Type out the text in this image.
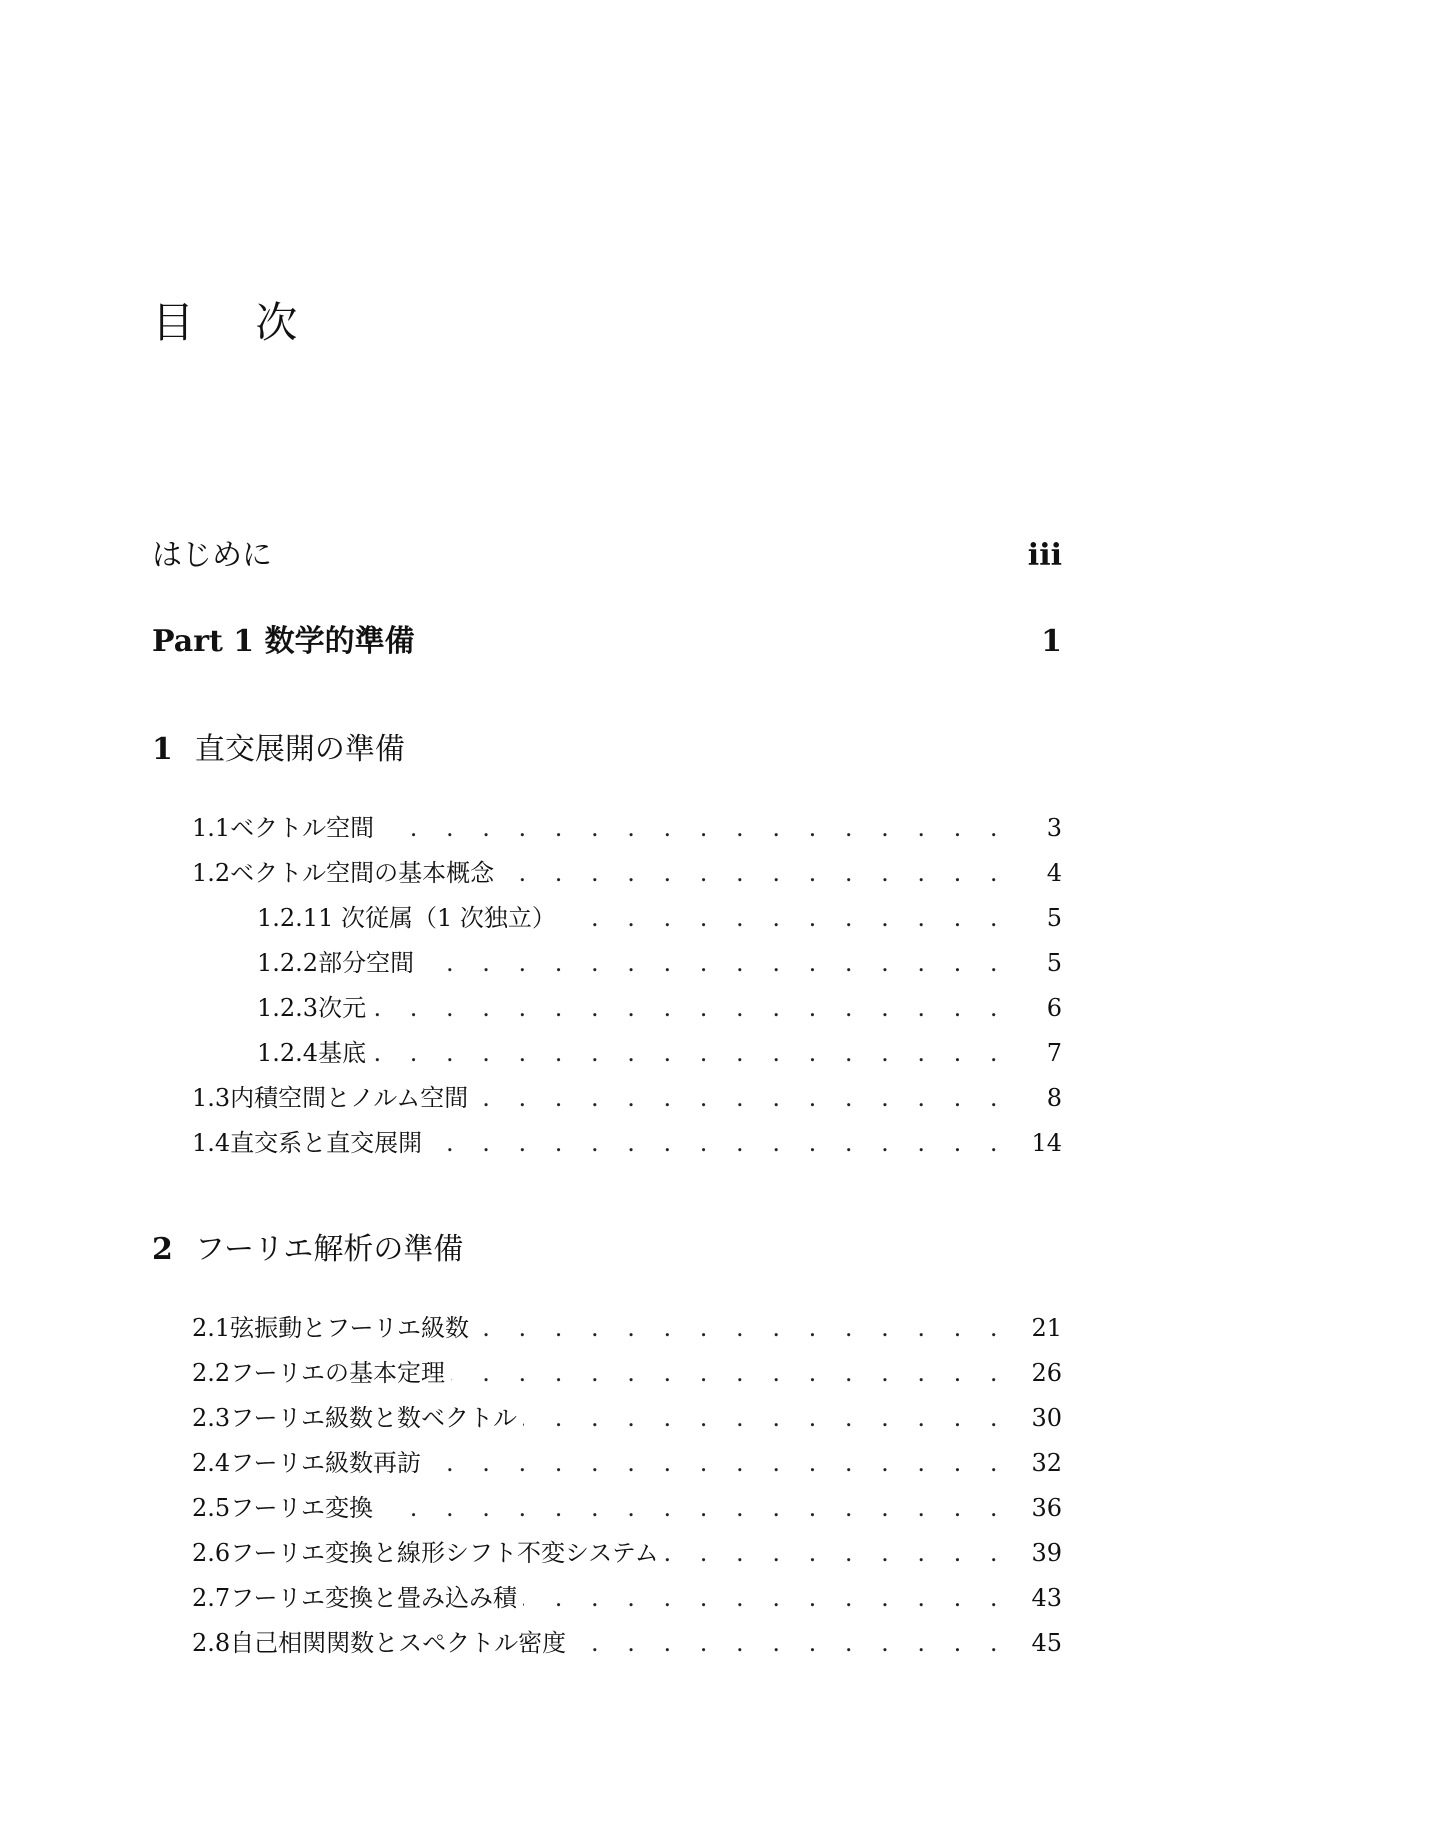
目 次
はじめに	iii
Part 1 数学的準備	1
1 直交展開の準備
1.1 ベクトル空間 . . .	3
1.2 ベクトル空間の基本概念 . . .	4
1.2.1 1 次従属（1 次独立） . . .	5
1.2.2 部分空間 . . .	5
1.2.3 次元 . . .	6
1.2.4 基底 . . .	7
1.3 内積空間とノルム空間 . . .	8
1.4 直交系と直交展開 . . .	14
2 フーリエ解析の準備
2.1 弦振動とフーリエ級数 . . .	21
2.2 フーリエの基本定理 . . .	26
2.3 フーリエ級数と数ベクトル . . .	30
2.4 フーリエ級数再訪 . . .	32
2.5 フーリエ変換 . . .	36
2.6 フーリエ変換と線形シフト不変システム . . .	39
2.7 フーリエ変換と畳み込み積 . . .	43
2.8 自己相関関数とスペクトル密度 . . .	45
